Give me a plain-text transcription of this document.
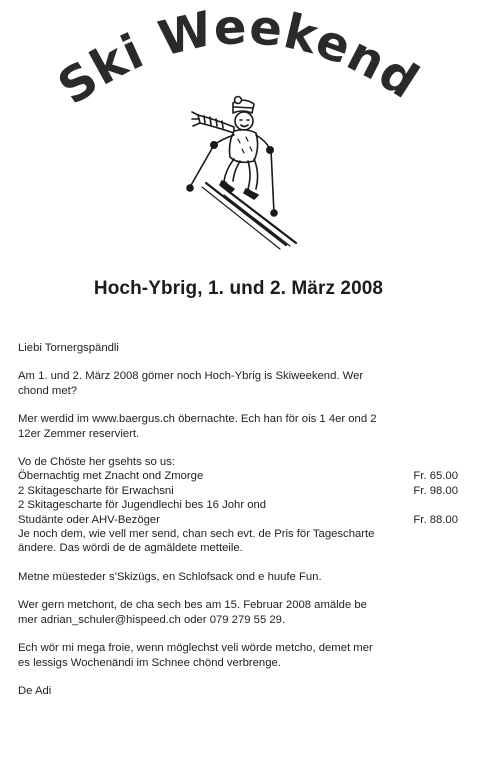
Ski Weekend
Hoch-Ybrig, 1. und 2. März 2008

Liebi Tornergspändli

Am 1. und 2. März 2008 gömer noch Hoch-Ybrig is Skiweekend. Wer
chond met?

Mer werdid im www.baergus.ch öbernachte. Ech han för ois 1 4er ond 2
12er Zemmer reserviert.

Vo de Chöste her gsehts so us:
Öbernachtig met Znacht ond Zmorge	Fr. 65.00
2 Skitagescharte för Erwachsni	Fr. 98.00
2 Skitagescharte för Jugendlechi bes 16 Johr ond
Studänte oder AHV-Bezöger	Fr. 88.00
Je noch dem, wie vell mer send, chan sech evt. de Pris för Tagescharte
ändere. Das wördi de de agmäldete metteile.

Metne müesteder s'Skizügs, en Schlofsack ond e huufe Fun.

Wer gern metchont, de cha sech bes am 15. Februar 2008 amälde be
mer adrian_schuler@hispeed.ch oder 079 279 55 29.

Ech wör mi mega froie, wenn möglechst veli wörde metcho, demet mer
es lessigs Wochenändi im Schnee chönd verbrenge.

De Adi
